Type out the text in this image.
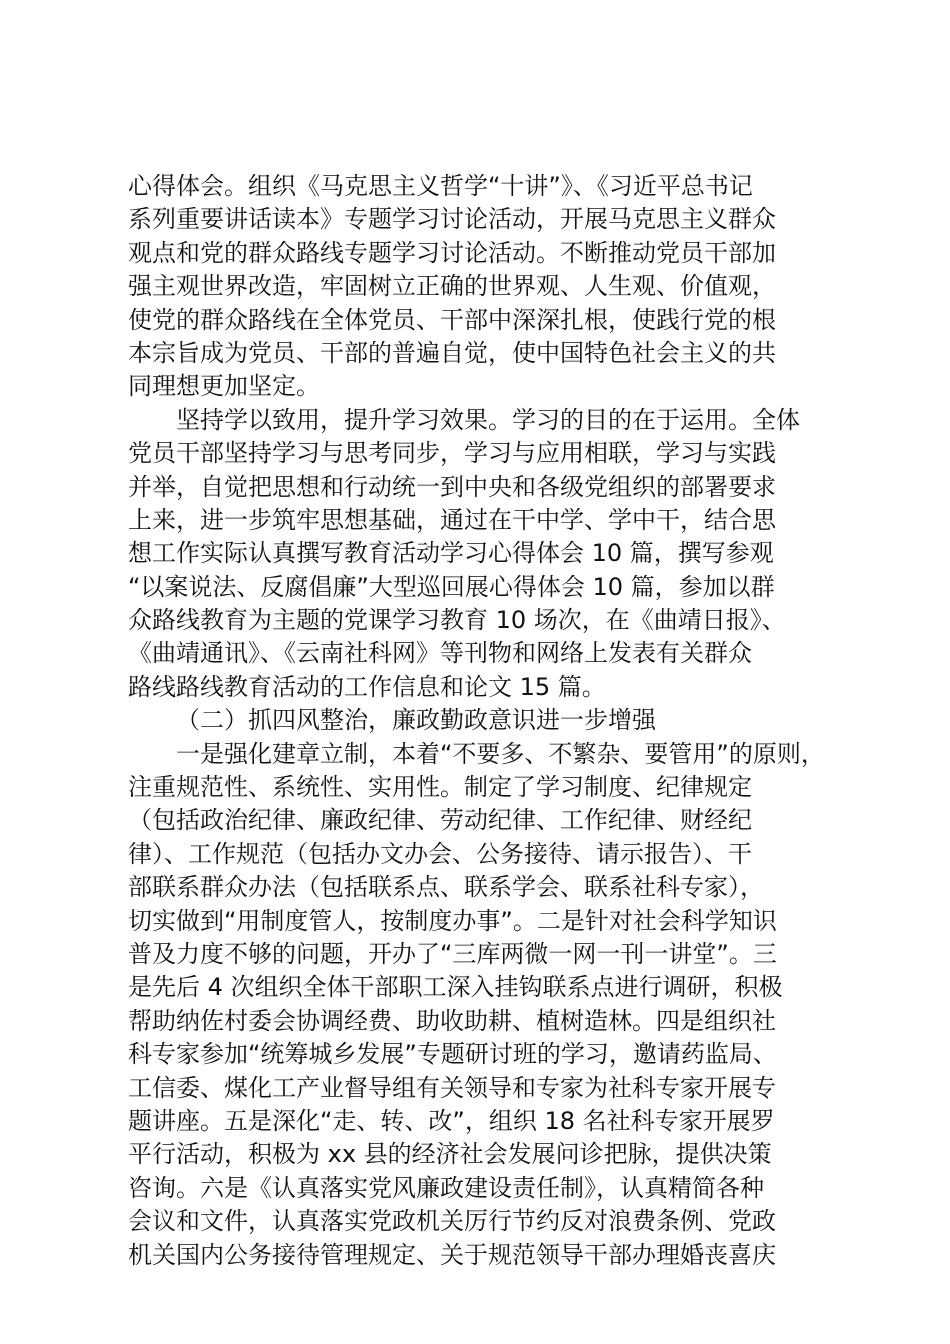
心得体会。组织《马克思主义哲学“十讲”》、《习近平总书记
系列重要讲话读本》专题学习讨论活动，开展马克思主义群众
观点和党的群众路线专题学习讨论活动。不断推动党员干部加
强主观世界改造，牢固树立正确的世界观、人生观、价值观，
使党的群众路线在全体党员、干部中深深扎根，使践行党的根
本宗旨成为党员、干部的普遍自觉，使中国特色社会主义的共
同理想更加坚定。
坚持学以致用，提升学习效果。学习的目的在于运用。全体
党员干部坚持学习与思考同步，学习与应用相联，学习与实践
并举，自觉把思想和行动统一到中央和各级党组织的部署要求
上来，进一步筑牢思想基础，通过在干中学、学中干，结合思
想工作实际认真撰写教育活动学习心得体会 10 篇，撰写参观
“以案说法、反腐倡廉”大型巡回展心得体会 10 篇，参加以群
众路线教育为主题的党课学习教育 10 场次，在《曲靖日报》、
《曲靖通讯》、《云南社科网》等刊物和网络上发表有关群众
路线路线教育活动的工作信息和论文 15 篇。
（二）抓四风整治，廉政勤政意识进一步增强
一是强化建章立制，本着“不要多、不繁杂、要管用”的原则，
注重规范性、系统性、实用性。制定了学习制度、纪律规定
（包括政治纪律、廉政纪律、劳动纪律、工作纪律、财经纪
律）、工作规范（包括办文办会、公务接待、请示报告）、干
部联系群众办法（包括联系点、联系学会、联系社科专家），
切实做到“用制度管人，按制度办事”。二是针对社会科学知识
普及力度不够的问题，开办了“三库两微一网一刊一讲堂”。三
是先后 4 次组织全体干部职工深入挂钩联系点进行调研，积极
帮助纳佐村委会协调经费、助收助耕、植树造林。四是组织社
科专家参加“统筹城乡发展”专题研讨班的学习，邀请药监局、
工信委、煤化工产业督导组有关领导和专家为社科专家开展专
题讲座。五是深化“走、转、改”，组织 18 名社科专家开展罗
平行活动，积极为 xx 县的经济社会发展问诊把脉，提供决策
咨询。六是《认真落实党风廉政建设责任制》，认真精简各种
会议和文件，认真落实党政机关厉行节约反对浪费条例、党政
机关国内公务接待管理规定、关于规范领导干部办理婚丧喜庆
